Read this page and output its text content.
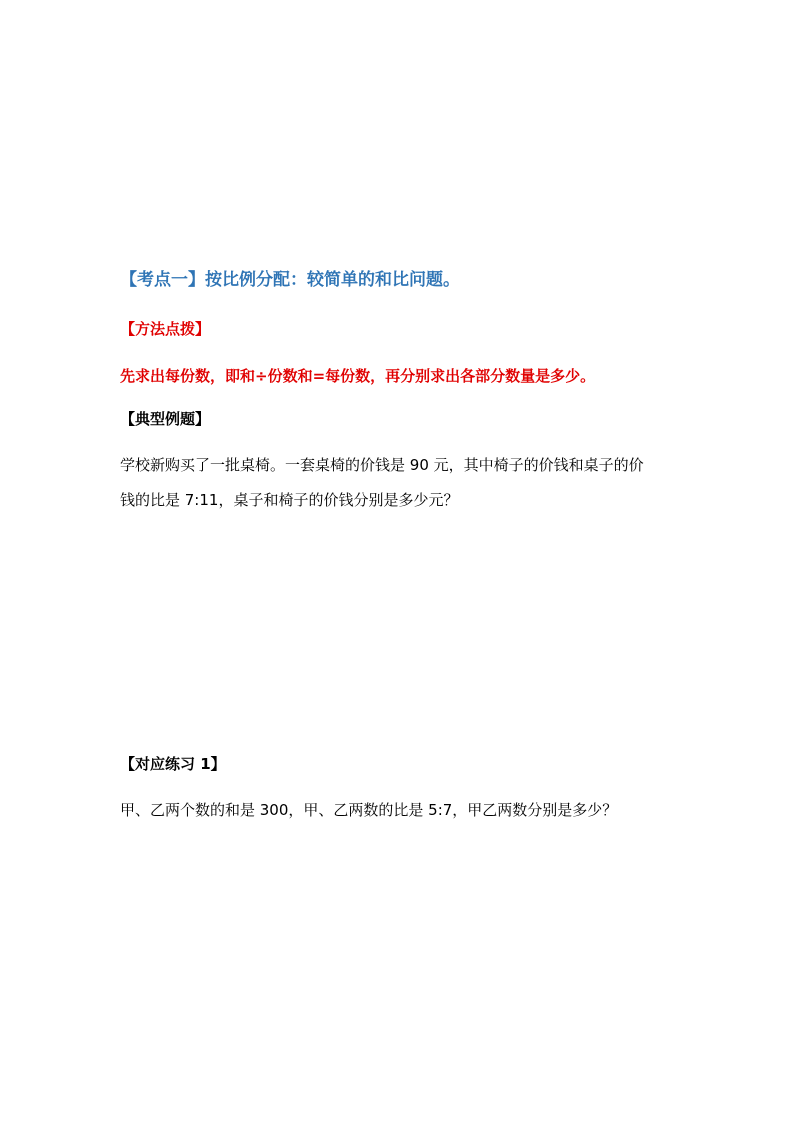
【考点一】按比例分配：较简单的和比问题。
【方法点拨】
先求出每份数，即和÷份数和=每份数，再分别求出各部分数量是多少。
【典型例题】
学校新购买了一批桌椅。一套桌椅的价钱是 90 元，其中椅子的价钱和桌子的价
钱的比是 7:11，桌子和椅子的价钱分别是多少元？
【对应练习 1】
甲、乙两个数的和是 300，甲、乙两数的比是 5:7，甲乙两数分别是多少？
